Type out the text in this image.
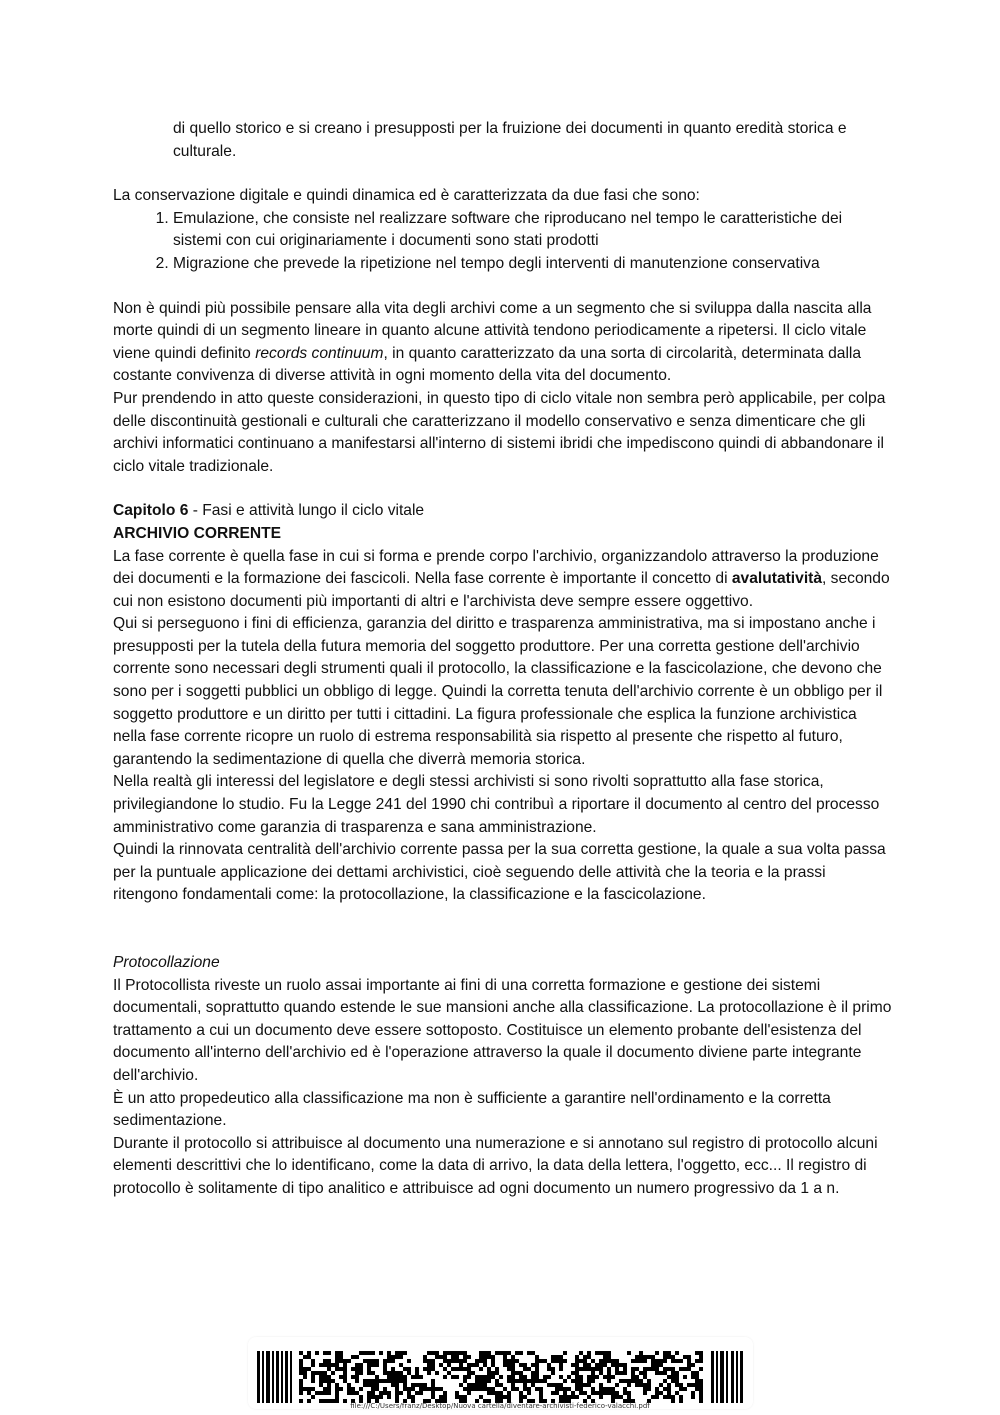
di quello storico e si creano i presupposti per la fruizione dei documenti in quanto eredità storica e culturale.

La conservazione digitale e quindi dinamica ed è caratterizzata da due fasi che sono:

1. Emulazione, che consiste nel realizzare software che riproducano nel tempo le caratteristiche dei sistemi con cui originariamente i documenti sono stati prodotti
2. Migrazione che prevede la ripetizione nel tempo degli interventi di manutenzione conservativa

Non è quindi più possibile pensare alla vita degli archivi come a un segmento che si sviluppa dalla nascita alla morte quindi di un segmento lineare in quanto alcune attività tendono periodicamente a ripetersi. Il ciclo vitale viene quindi definito records continuum, in quanto caratterizzato da una sorta di circolarità, determinata dalla costante convivenza di diverse attività in ogni momento della vita del documento.

Pur prendendo in atto queste considerazioni, in questo tipo di ciclo vitale non sembra però applicabile, per colpa delle discontinuità gestionali e culturali che caratterizzano il modello conservativo e senza dimenticare che gli archivi informatici continuano a manifestarsi all'interno di sistemi ibridi che impediscono quindi di abbandonare il ciclo vitale tradizionale.

Capitolo 6 - Fasi e attività lungo il ciclo vitale

ARCHIVIO CORRENTE

La fase corrente è quella fase in cui si forma e prende corpo l'archivio, organizzandolo attraverso la produzione dei documenti e la formazione dei fascicoli. Nella fase corrente è importante il concetto di avalutatività, secondo cui non esistono documenti più importanti di altri e l'archivista deve sempre essere oggettivo.

Qui si perseguono i fini di efficienza, garanzia del diritto e trasparenza amministrativa, ma si impostano anche i presupposti per la tutela della futura memoria del soggetto produttore. Per una corretta gestione dell'archivio corrente sono necessari degli strumenti quali il protocollo, la classificazione e la fascicolazione, che devono che sono per i soggetti pubblici un obbligo di legge. Quindi la corretta tenuta dell'archivio corrente è un obbligo per il soggetto produttore e un diritto per tutti i cittadini. La figura professionale che esplica la funzione archivistica nella fase corrente ricopre un ruolo di estrema responsabilità sia rispetto al presente che rispetto al futuro, garantendo la sedimentazione di quella che diverrà memoria storica.

Nella realtà gli interessi del legislatore e degli stessi archivisti si sono rivolti soprattutto alla fase storica, privilegiandone lo studio. Fu la Legge 241 del 1990 chi contribuì a riportare il documento al centro del processo amministrativo come garanzia di trasparenza e sana amministrazione.

Quindi la rinnovata centralità dell'archivio corrente passa per la sua corretta gestione, la quale a sua volta passa per la puntuale applicazione dei dettami archivistici, cioè seguendo delle attività che la teoria e la prassi ritengono fondamentali come: la protocollazione, la classificazione e la fascicolazione.

Protocollazione

Il Protocollista riveste un ruolo assai importante ai fini di una corretta formazione e gestione dei sistemi documentali, soprattutto quando estende le sue mansioni anche alla classificazione. La protocollazione è il primo trattamento a cui un documento deve essere sottoposto. Costituisce un elemento probante dell'esistenza del documento all'interno dell'archivio ed è l'operazione attraverso la quale il documento diviene parte integrante dell'archivio.

È un atto propedeutico alla classificazione ma non è sufficiente a garantire nell'ordinamento e la corretta sedimentazione.

Durante il protocollo si attribuisce al documento una numerazione e si annotano sul registro di protocollo alcuni elementi descrittivi che lo identificano, come la data di arrivo, la data della lettera, l'oggetto, ecc... Il registro di protocollo è solitamente di tipo analitico e attribuisce ad ogni documento un numero progressivo da 1 a n.

file:///C:/Users/franz/Desktop/Nuova cartella/diventare-archivisti-federico-valacchi.pdf
